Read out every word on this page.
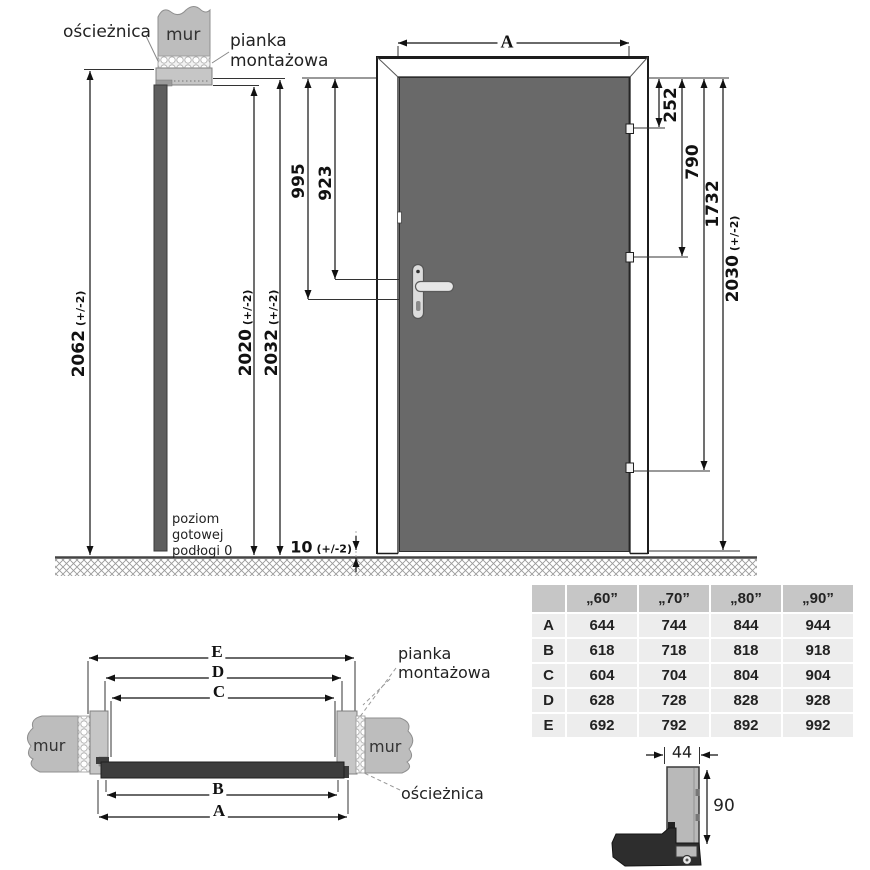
ościeżnica mur pianka
montażowa
poziom
gotowej
podłogi 0
2062(+/-2)
2020(+/-2)
2032(+/-2)
10 (+/-2)
995 923
A
252
790
1732
2030(+/-2)
E
D
C
B
A
mur	mur
pianka
montażowa
ościeżnica
44
90
	„60”	„70”	„80”	„90”
A	644	744	844	944
B	618	718	818	918
C	604	704	804	904
D	628	728	828	928
E	692	792	892	992
